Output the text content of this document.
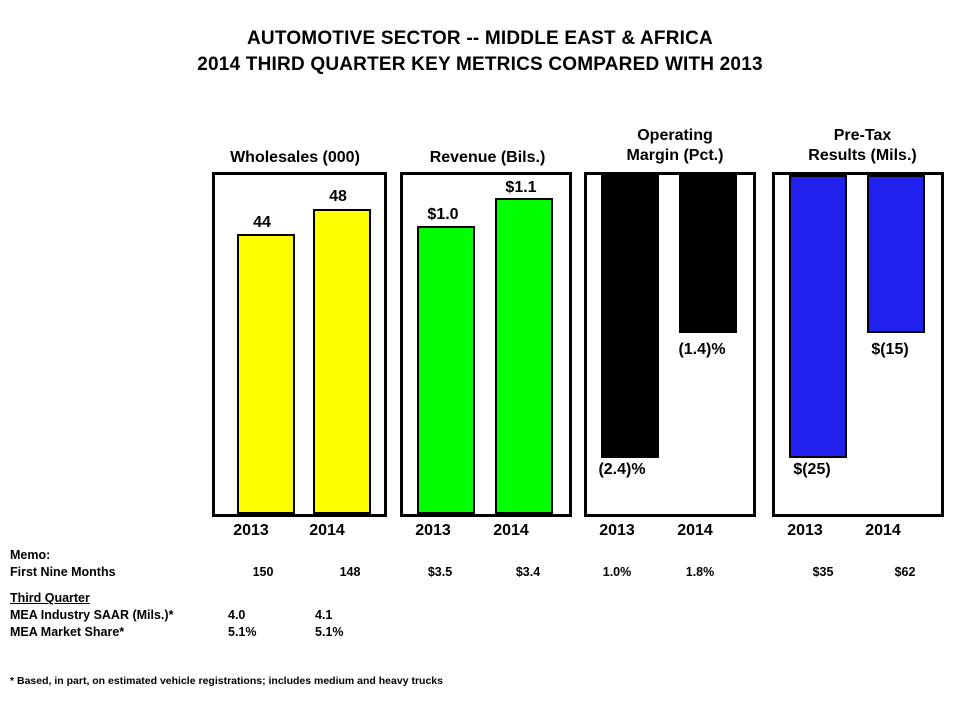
AUTOMOTIVE SECTOR -- MIDDLE EAST & AFRICA
2014 THIRD QUARTER KEY METRICS COMPARED WITH 2013
Wholesales (000)
44
48
2013	2014
Revenue (Bils.)
$1.0
$1.1
2013	2014
Operating
Margin (Pct.)
(2.4)%
(1.4)%
2013	2014
Pre-Tax
Results (Mils.)
$(25)
$(15)
2013	2014
Memo:
First Nine Months	150	148	$3.5	$3.4	1.0%	1.8%	$35	$62
Third Quarter
MEA Industry SAAR (Mils.)*	4.0	4.1
MEA Market Share*	5.1%	5.1%
* Based, in part, on estimated vehicle registrations; includes medium and heavy trucks
